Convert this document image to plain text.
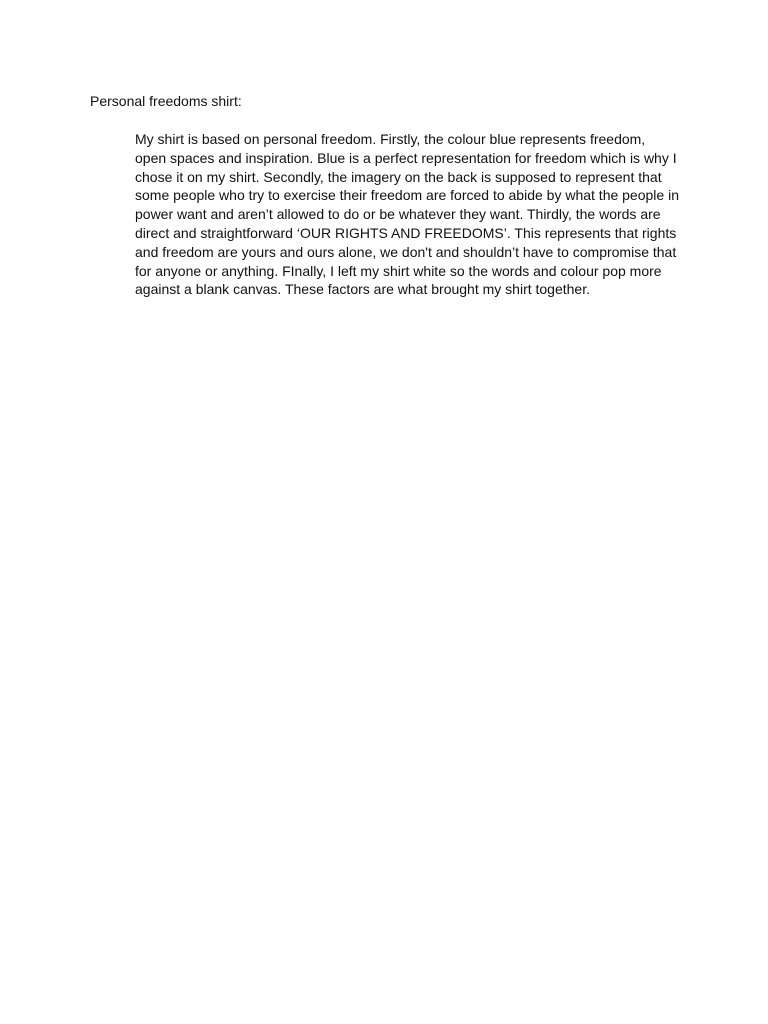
Personal freedoms shirt:

My shirt is based on personal freedom. Firstly, the colour blue represents freedom, open spaces and inspiration. Blue is a perfect representation for freedom which is why I chose it on my shirt. Secondly, the imagery on the back is supposed to represent that some people who try to exercise their freedom are forced to abide by what the people in power want and aren’t allowed to do or be whatever they want. Thirdly, the words are direct and straightforward ‘OUR RIGHTS AND FREEDOMS’. This represents that rights and freedom are yours and ours alone, we don't and shouldn’t have to compromise that for anyone or anything. FInally, I left my shirt white so the words and colour pop more against a blank canvas. These factors are what brought my shirt together.
